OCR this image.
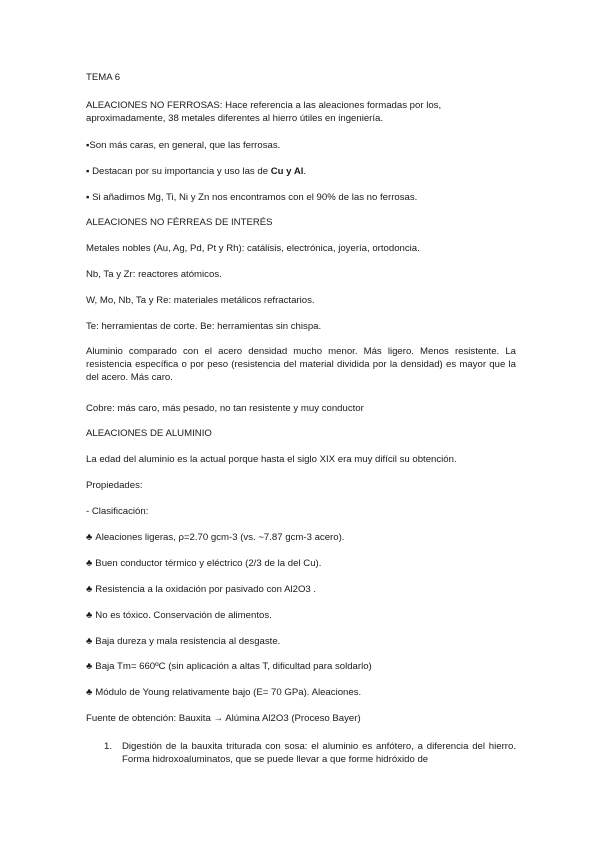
TEMA 6

ALEACIONES NO FERROSAS: Hace referencia a las aleaciones formadas por los, aproximadamente, 38 metales diferentes al hierro útiles en ingeniería.

▪Son más caras, en general, que las ferrosas.

▪ Destacan por su importancia y uso las de Cu y Al.

▪ Si añadimos Mg, Ti, Ni y Zn nos encontramos con el 90% de las no ferrosas.

ALEACIONES NO FÉRREAS DE INTERÉS

Metales nobles (Au, Ag, Pd, Pt y Rh): catálisis, electrónica, joyería, ortodoncia.

Nb, Ta y Zr: reactores atómicos.

W, Mo, Nb, Ta y Re: materiales metálicos refractarios.

Te: herramientas de corte. Be: herramientas sin chispa.

Aluminio comparado con el acero densidad mucho menor. Más ligero. Menos resistente. La resistencia específica o por peso (resistencia del material dividida por la densidad) es mayor que la del acero. Más caro.

Cobre: más caro, más pesado, no tan resistente y muy conductor

ALEACIONES DE ALUMINIO

La edad del aluminio es la actual porque hasta el siglo XIX era muy difícil su obtención.

Propiedades:

- Clasificación:

♣ Aleaciones ligeras, ρ=2.70 gcm-3 (vs. ~7.87 gcm-3 acero).

♣ Buen conductor térmico y eléctrico (2/3 de la del Cu).

♣ Resistencia a la oxidación por pasivado con Al2O3 .

♣ No es tóxico. Conservación de alimentos.

♣ Baja dureza y mala resistencia al desgaste.

♣ Baja Tm= 660ºC (sin aplicación a altas T, dificultad para soldarlo)

♣ Módulo de Young relativamente bajo (E= 70 GPa). Aleaciones.

Fuente de obtención: Bauxita → Alúmina Al2O3 (Proceso Bayer)

1.	Digestión de la bauxita triturada con sosa: el aluminio es anfótero, a diferencia del hierro. Forma hidroxoaluminatos, que se puede llevar a que forme hidróxido de
